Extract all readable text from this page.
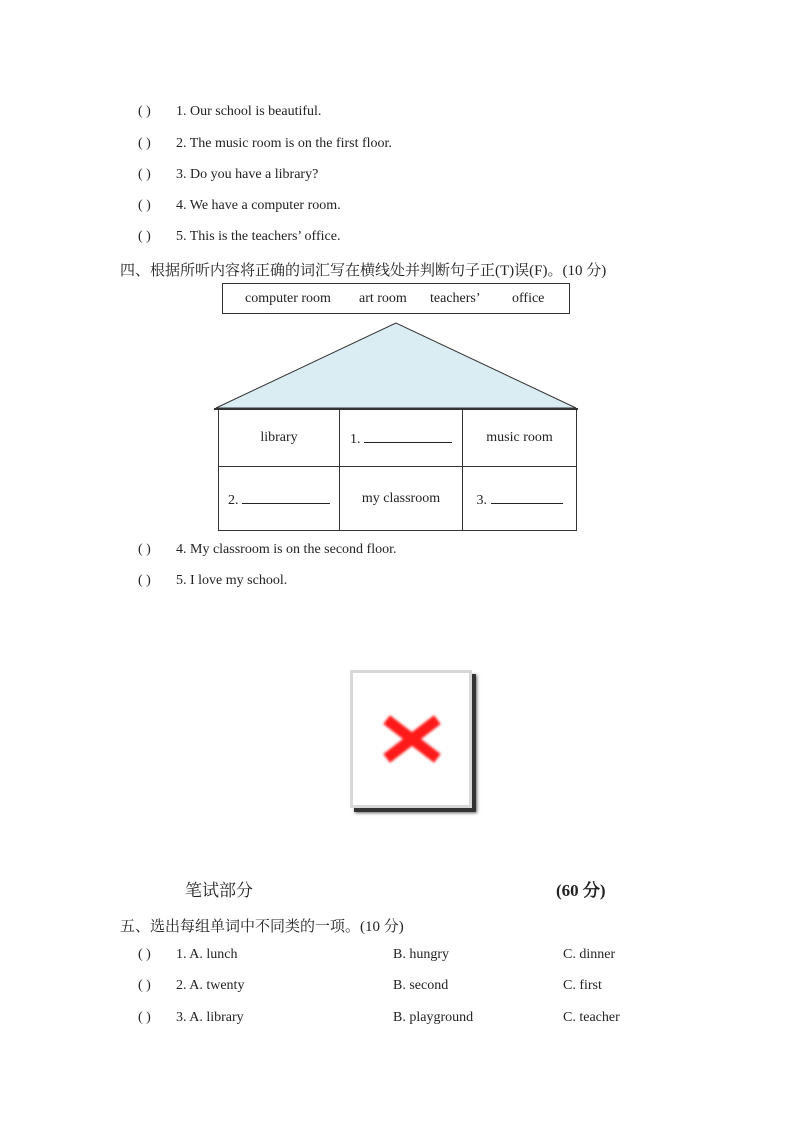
( ) 1. Our school is beautiful.
( ) 2. The music room is on the first floor.
( ) 3. Do you have a library?
( ) 4. We have a computer room.
( ) 5. This is the teachers’ office.
四、根据所听内容将正确的词汇写在横线处并判断句子正(T)误(F)。(10 分)
computer room art room teachers’ office
library	1.	music room
2.	my classroom	3.
( ) 4. My classroom is on the second floor.
( ) 5. I love my school.
笔试部分	(60 分)
五、选出每组单词中不同类的一项。(10 分)
( ) 1. A. lunch	B. hungry	C. dinner
( ) 2. A. twenty	B. second	C. first
( ) 3. A. library	B. playground	C. teacher
